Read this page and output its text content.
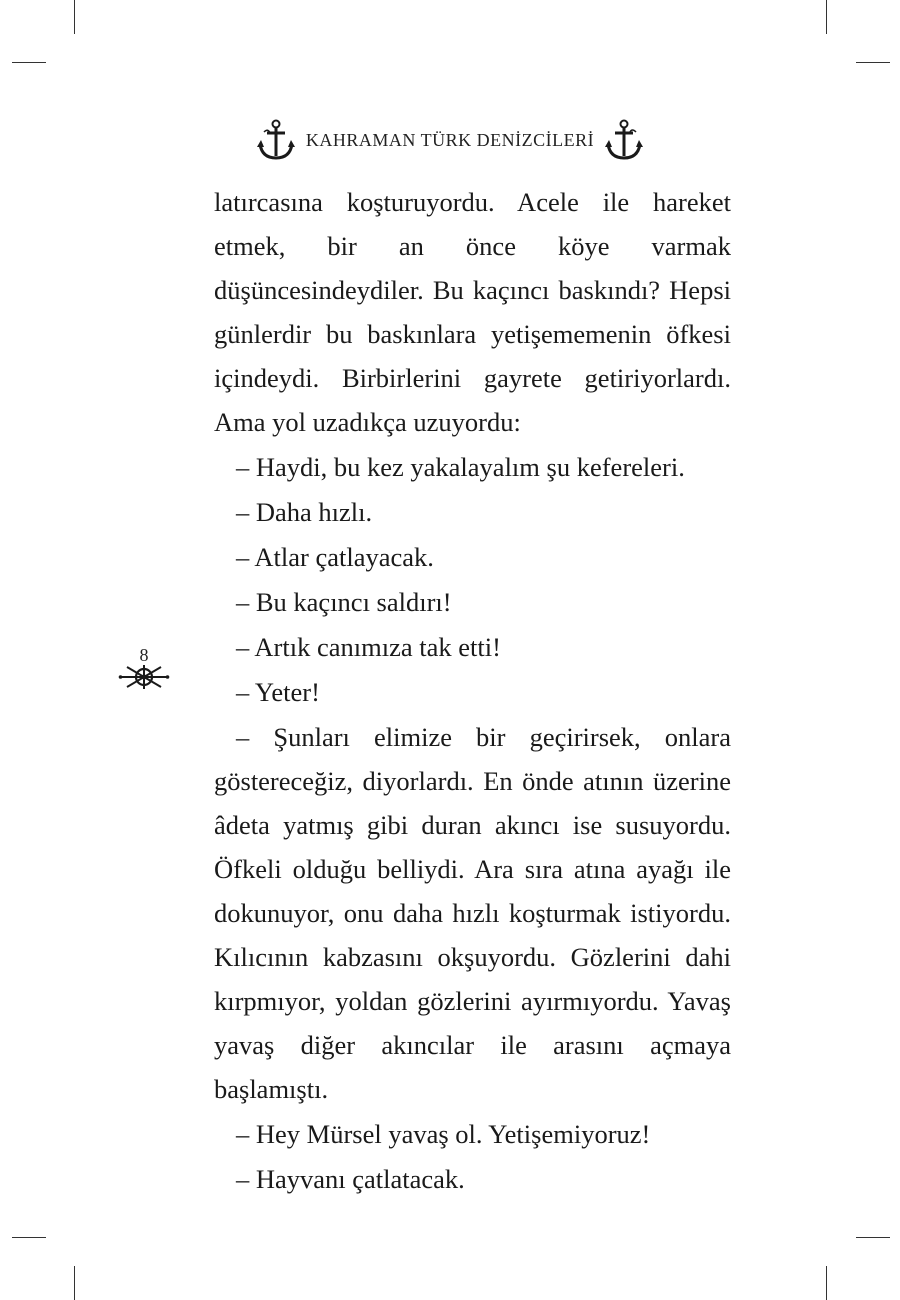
KAHRAMAN TÜRK DENİZCİLERİ
8

latırcasına koşturuyordu. Acele ile hareket etmek, bir an önce köye varmak düşüncesindeydiler. Bu kaçıncı baskındı? Hepsi günlerdir bu baskınlara yetişememenin öfkesi içindeydi. Birbirlerini gayrete getiriyorlardı. Ama yol uzadıkça uzuyordu:

– Haydi, bu kez yakalayalım şu kefereleri.

– Daha hızlı.

– Atlar çatlayacak.

– Bu kaçıncı saldırı!

– Artık canımıza tak etti!

– Yeter!

– Şunları elimize bir geçirirsek, onlara göstereceğiz, diyorlardı. En önde atının üzerine âdeta yatmış gibi duran akıncı ise susuyordu. Öfkeli olduğu belliydi. Ara sıra atına ayağı ile dokunuyor, onu daha hızlı koşturmak istiyordu. Kılıcının kabzasını okşuyordu. Gözlerini dahi kırpmıyor, yoldan gözlerini ayırmıyordu. Yavaş yavaş diğer akıncılar ile arasını açmaya başlamıştı.

– Hey Mürsel yavaş ol. Yetişemiyoruz!

– Hayvanı çatlatacak.
